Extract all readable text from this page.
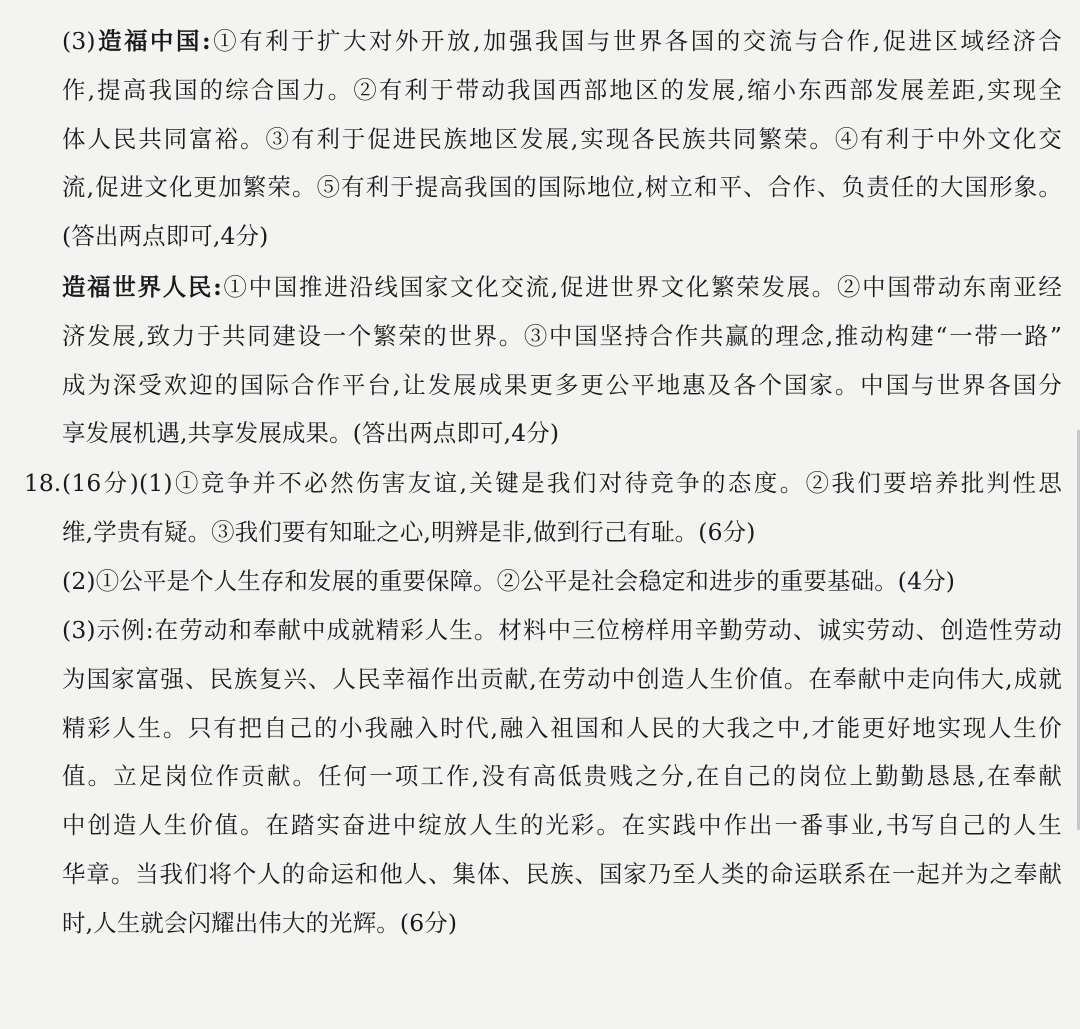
(3)造福中国:①有利于扩大对外开放,加强我国与世界各国的交流与合作,促进区域经济合
作,提高我国的综合国力。②有利于带动我国西部地区的发展,缩小东西部发展差距,实现全
体人民共同富裕。③有利于促进民族地区发展,实现各民族共同繁荣。④有利于中外文化交
流,促进文化更加繁荣。⑤有利于提高我国的国际地位,树立和平、合作、负责任的大国形象。
(答出两点即可,4分)
造福世界人民:①中国推进沿线国家文化交流,促进世界文化繁荣发展。②中国带动东南亚经
济发展,致力于共同建设一个繁荣的世界。③中国坚持合作共赢的理念,推动构建“一带一路”
成为深受欢迎的国际合作平台,让发展成果更多更公平地惠及各个国家。中国与世界各国分
享发展机遇,共享发展成果。(答出两点即可,4分)
18. (16分)(1)①竞争并不必然伤害友谊,关键是我们对待竞争的态度。②我们要培养批判性思
维,学贵有疑。③我们要有知耻之心,明辨是非,做到行己有耻。(6分)
(2)①公平是个人生存和发展的重要保障。②公平是社会稳定和进步的重要基础。(4分)
(3)示例:在劳动和奉献中成就精彩人生。材料中三位榜样用辛勤劳动、诚实劳动、创造性劳动
为国家富强、民族复兴、人民幸福作出贡献,在劳动中创造人生价值。在奉献中走向伟大,成就
精彩人生。只有把自己的小我融入时代,融入祖国和人民的大我之中,才能更好地实现人生价
值。立足岗位作贡献。任何一项工作,没有高低贵贱之分,在自己的岗位上勤勤恳恳,在奉献
中创造人生价值。在踏实奋进中绽放人生的光彩。在实践中作出一番事业,书写自己的人生
华章。当我们将个人的命运和他人、集体、民族、国家乃至人类的命运联系在一起并为之奉献
时,人生就会闪耀出伟大的光辉。(6分)
